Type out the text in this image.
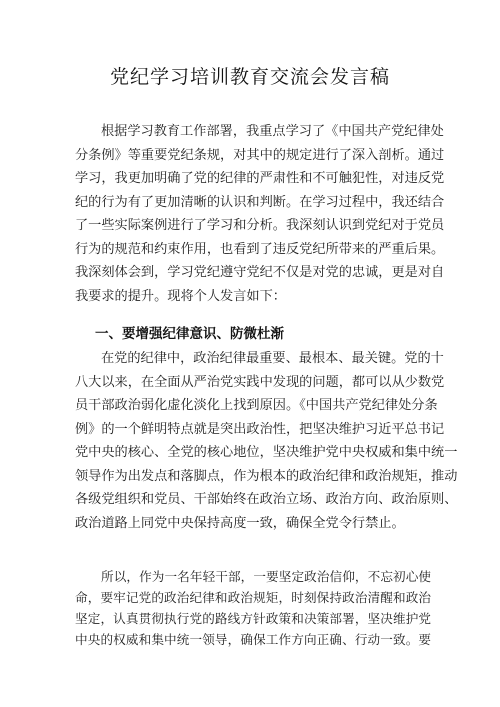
党纪学习培训教育交流会发言稿
根据学习教育工作部署，我重点学习了《中国共产党纪律处
分条例》等重要党纪条规，对其中的规定进行了深入剖析。通过
学习，我更加明确了党的纪律的严肃性和不可触犯性，对违反党
纪的行为有了更加清晰的认识和判断。在学习过程中，我还结合
了一些实际案例进行了学习和分析。我深刻认识到党纪对于党员
行为的规范和约束作用，也看到了违反党纪所带来的严重后果。
我深刻体会到，学习党纪遵守党纪不仅是对党的忠诚，更是对自
我要求的提升。现将个人发言如下：
一、要增强纪律意识、防微杜渐
在党的纪律中，政治纪律最重要、最根本、最关键。党的十
八大以来，在全面从严治党实践中发现的问题，都可以从少数党
员干部政治弱化虚化淡化上找到原因。《中国共产党纪律处分条
例》的一个鲜明特点就是突出政治性，把坚决维护习近平总书记
党中央的核心、全党的核心地位，坚决维护党中央权威和集中统一
领导作为出发点和落脚点，作为根本的政治纪律和政治规矩，推动
各级党组织和党员、干部始终在政治立场、政治方向、政治原则、
政治道路上同党中央保持高度一致，确保全党令行禁止。
所以，作为一名年轻干部，一要坚定政治信仰，不忘初心使
命，要牢记党的政治纪律和政治规矩，时刻保持政治清醒和政治
坚定，认真贯彻执行党的路线方针政策和决策部署，坚决维护党
中央的权威和集中统一领导，确保工作方向正确、行动一致。要
